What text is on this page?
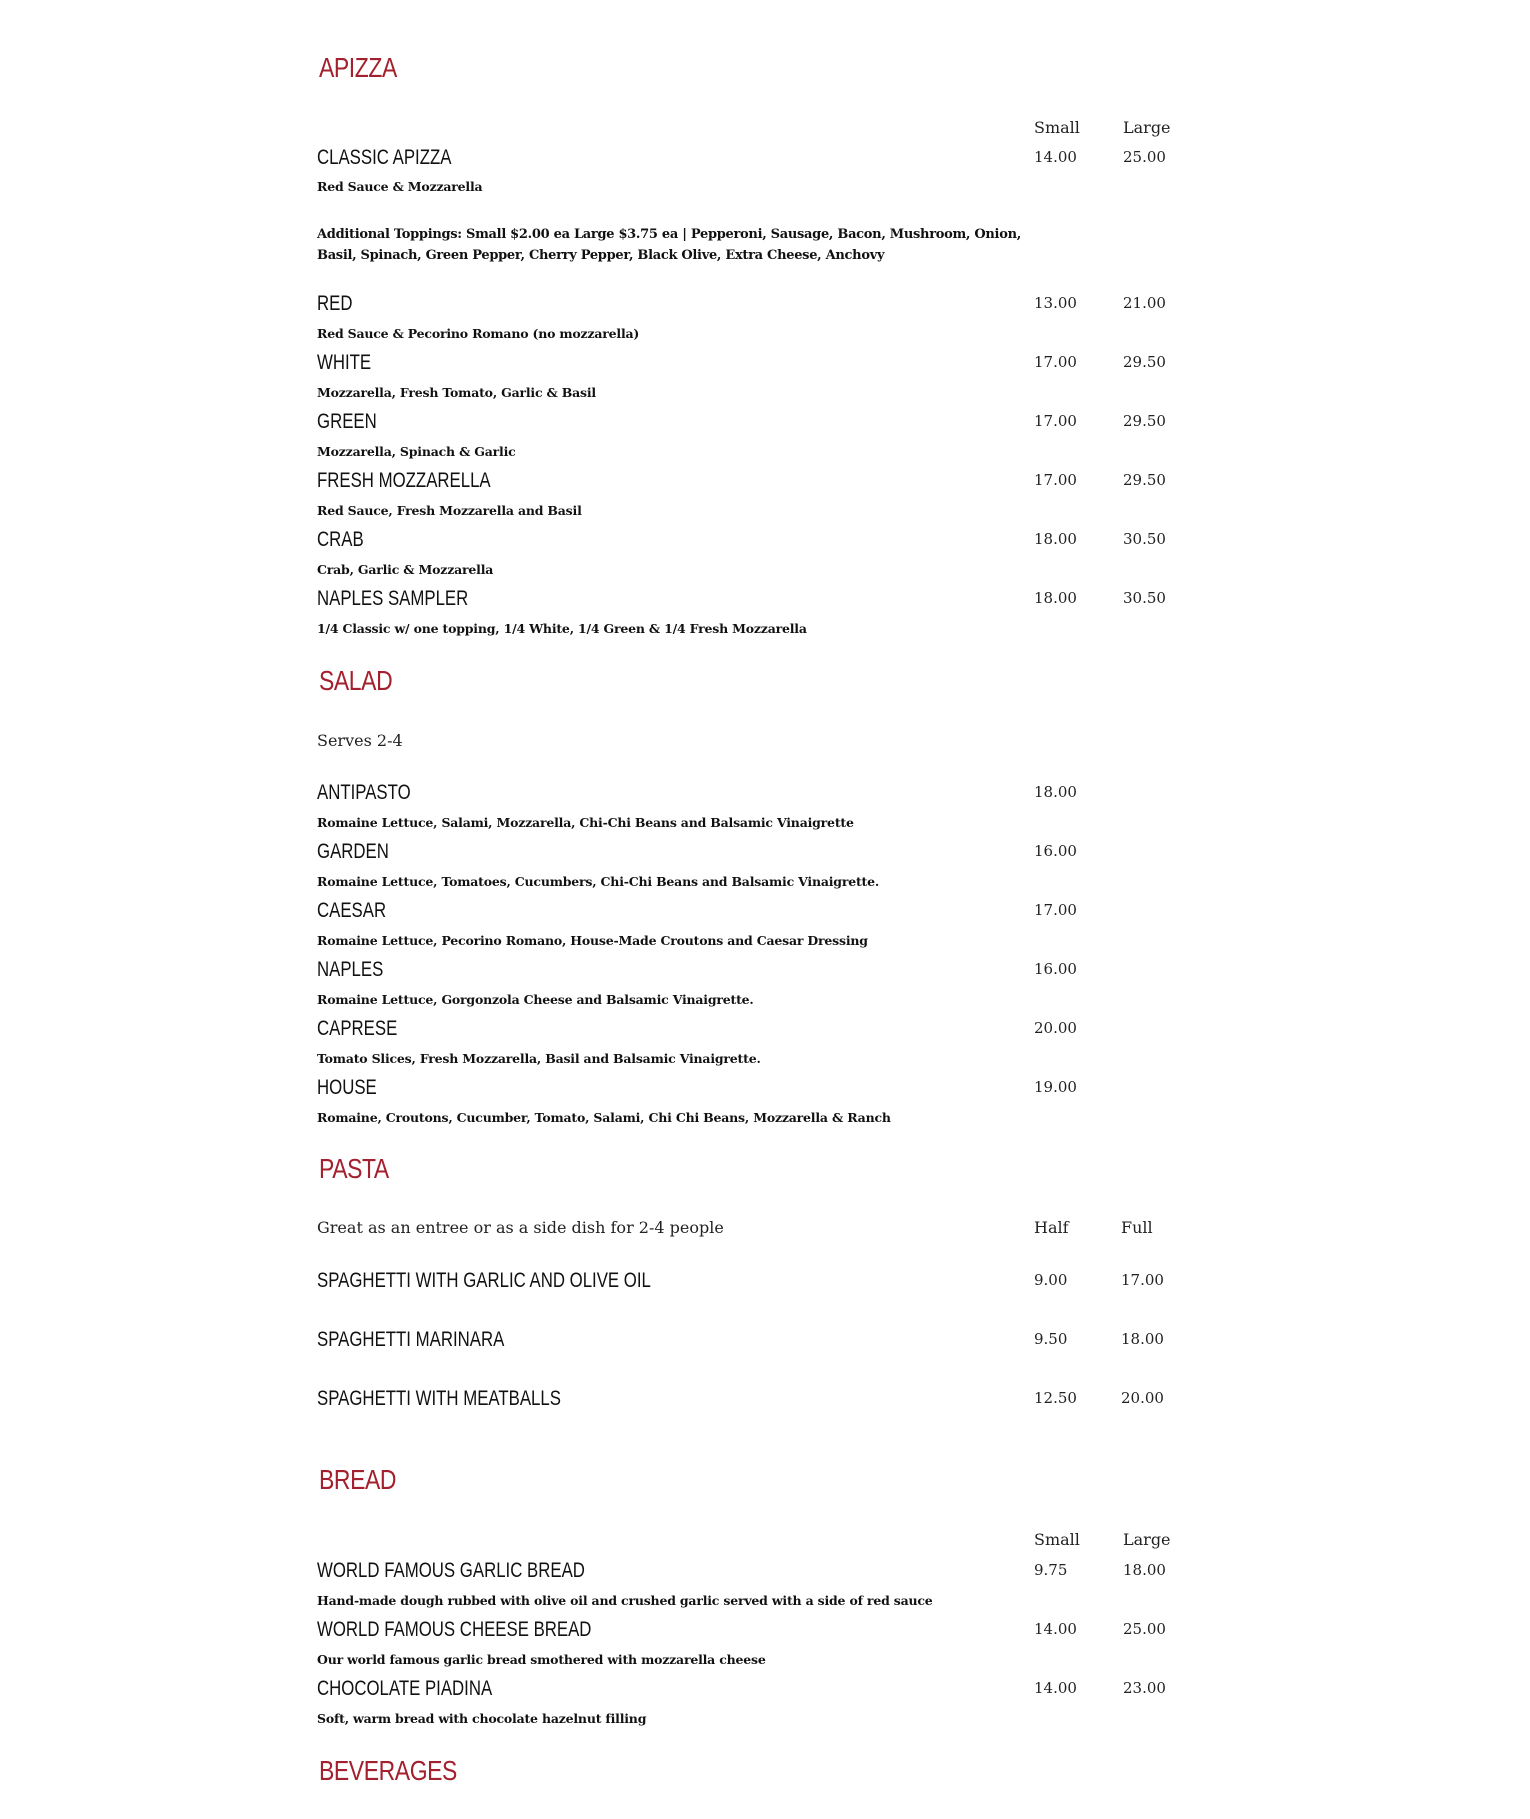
APIZZA
Small	Large
CLASSIC APIZZA	14.00	25.00
Red Sauce & Mozzarella
Additional Toppings: Small $2.00 ea Large $3.75 ea | Pepperoni, Sausage, Bacon, Mushroom, Onion, Basil, Spinach, Green Pepper, Cherry Pepper, Black Olive, Extra Cheese, Anchovy
RED	13.00	21.00
Red Sauce & Pecorino Romano (no mozzarella)
WHITE	17.00	29.50
Mozzarella, Fresh Tomato, Garlic & Basil
GREEN	17.00	29.50
Mozzarella, Spinach & Garlic
FRESH MOZZARELLA	17.00	29.50
Red Sauce, Fresh Mozzarella and Basil
CRAB	18.00	30.50
Crab, Garlic & Mozzarella
NAPLES SAMPLER	18.00	30.50
1/4 Classic w/ one topping, 1/4 White, 1/4 Green & 1/4 Fresh Mozzarella
SALAD
Serves 2-4
ANTIPASTO	18.00
Romaine Lettuce, Salami, Mozzarella, Chi-Chi Beans and Balsamic Vinaigrette
GARDEN	16.00
Romaine Lettuce, Tomatoes, Cucumbers, Chi-Chi Beans and Balsamic Vinaigrette.
CAESAR	17.00
Romaine Lettuce, Pecorino Romano, House-Made Croutons and Caesar Dressing
NAPLES	16.00
Romaine Lettuce, Gorgonzola Cheese and Balsamic Vinaigrette.
CAPRESE	20.00
Tomato Slices, Fresh Mozzarella, Basil and Balsamic Vinaigrette.
HOUSE	19.00
Romaine, Croutons, Cucumber, Tomato, Salami, Chi Chi Beans, Mozzarella & Ranch
PASTA
Great as an entree or as a side dish for 2-4 people	Half	Full
SPAGHETTI WITH GARLIC AND OLIVE OIL	9.00	17.00
SPAGHETTI MARINARA	9.50	18.00
SPAGHETTI WITH MEATBALLS	12.50	20.00
BREAD
Small	Large
WORLD FAMOUS GARLIC BREAD	9.75	18.00
Hand-made dough rubbed with olive oil and crushed garlic served with a side of red sauce
WORLD FAMOUS CHEESE BREAD	14.00	25.00
Our world famous garlic bread smothered with mozzarella cheese
CHOCOLATE PIADINA	14.00	23.00
Soft, warm bread with chocolate hazelnut filling
BEVERAGES
